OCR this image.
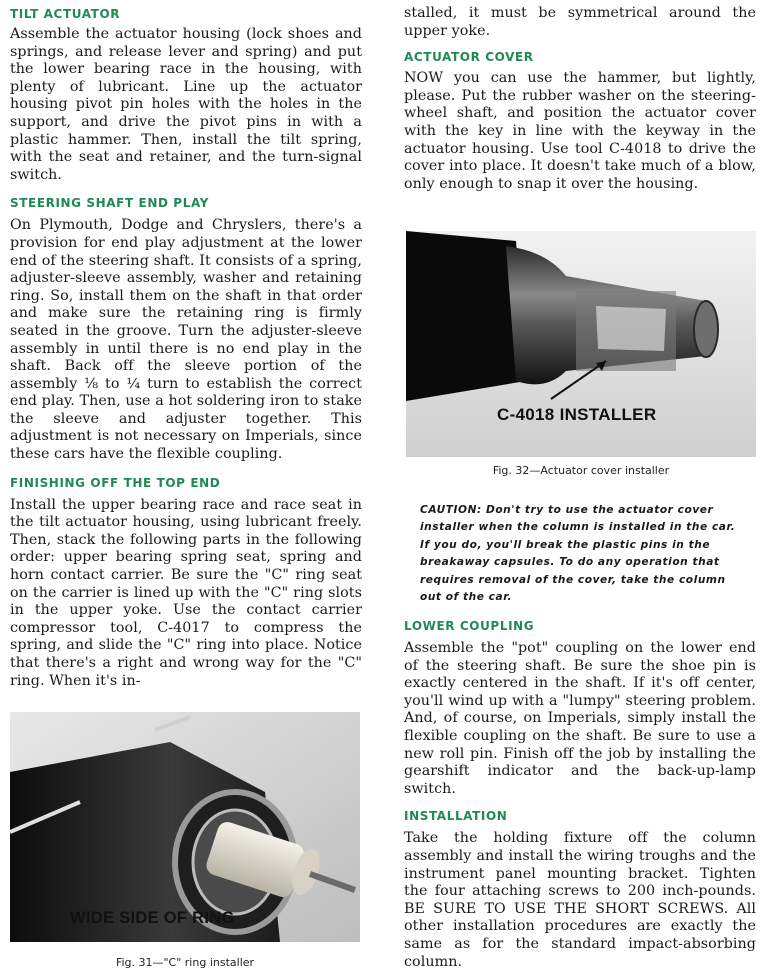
TILT ACTUATOR

Assemble the actuator housing (lock shoes and springs, and release lever and spring) and put the lower bearing race in the housing, with plenty of lubricant. Line up the actuator housing pivot pin holes with the holes in the support, and drive the pivot pins in with a plastic hammer. Then, install the tilt spring, with the seat and retainer, and the turn-signal switch.

STEERING SHAFT END PLAY

On Plymouth, Dodge and Chryslers, there's a provision for end play adjustment at the lower end of the steering shaft. It consists of a spring, adjuster-sleeve assembly, washer and retaining ring. So, install them on the shaft in that order and make sure the retaining ring is firmly seated in the groove. Turn the adjuster-sleeve assembly in until there is no end play in the shaft. Back off the sleeve portion of the assembly ⅛ to ¼ turn to establish the correct end play. Then, use a hot soldering iron to stake the sleeve and adjuster together. This adjustment is not necessary on Imperials, since these cars have the flexible coupling.

FINISHING OFF THE TOP END

Install the upper bearing race and race seat in the tilt actuator housing, using lubricant freely. Then, stack the following parts in the following order: upper bearing spring seat, spring and horn contact carrier. Be sure the "C" ring seat on the carrier is lined up with the "C" ring slots in the upper yoke. Use the contact carrier compressor tool, C-4017 to compress the spring, and slide the "C" ring into place. Notice that there's a right and wrong way for the "C" ring. When it's in-

WIDE SIDE OF RING
Fig. 31—"C" ring installer

stalled, it must be symmetrical around the upper yoke.

ACTUATOR COVER

NOW you can use the hammer, but lightly, please. Put the rubber washer on the steering-wheel shaft, and position the actuator cover with the key in line with the keyway in the actuator housing. Use tool C-4018 to drive the cover into place. It doesn't take much of a blow, only enough to snap it over the housing.

C-4018 INSTALLER
Fig. 32—Actuator cover installer
CAUTION: Don't try to use the actuator cover installer when the column is installed in the car. If you do, you'll break the plastic pins in the breakaway capsules. To do any operation that requires removal of the cover, take the column out of the car.
LOWER COUPLING

Assemble the "pot" coupling on the lower end of the steering shaft. Be sure the shoe pin is exactly centered in the shaft. If it's off center, you'll wind up with a "lumpy" steering problem. And, of course, on Imperials, simply install the flexible coupling on the shaft. Be sure to use a new roll pin. Finish off the job by installing the gearshift indicator and the back-up-lamp switch.

INSTALLATION

Take the holding fixture off the column assembly and install the wiring troughs and the instrument panel mounting bracket. Tighten the four attaching screws to 200 inch-pounds. BE SURE TO USE THE SHORT SCREWS. All other installation procedures are exactly the same as for the standard impact-absorbing column.
